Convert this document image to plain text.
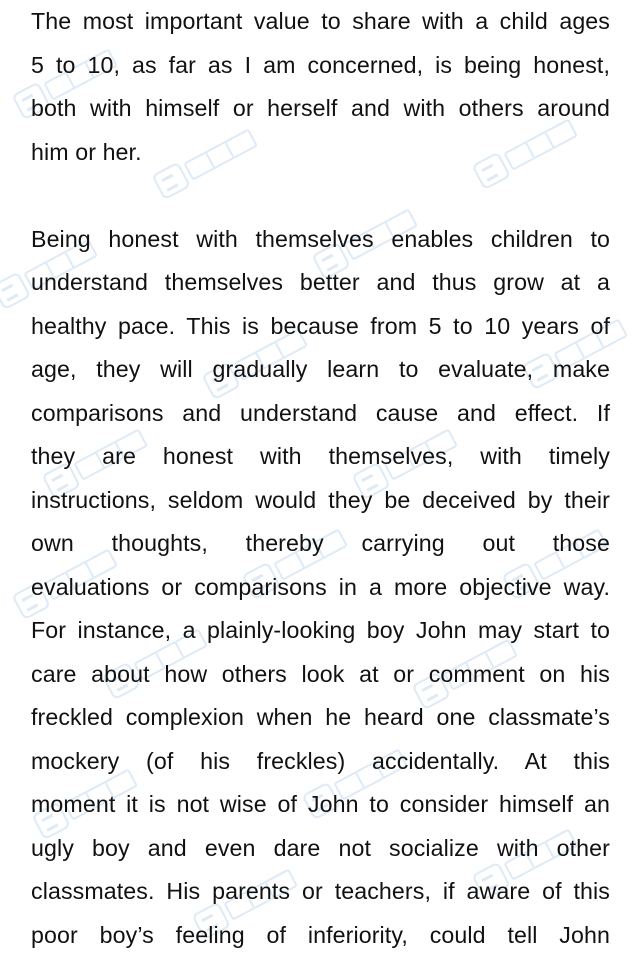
The most important value to share with a child ages
5 to 10, as far as I am concerned, is being honest,
both with himself or herself and with others around
him or her.
Being honest with themselves enables children to
understand themselves better and thus grow at a
healthy pace. This is because from 5 to 10 years of
age, they will gradually learn to evaluate, make
comparisons and understand cause and effect. If
they are honest with themselves, with timely
instructions, seldom would they be deceived by their
own thoughts, thereby carrying out those
evaluations or comparisons in a more objective way.
For instance, a plainly-looking boy John may start to
care about how others look at or comment on his
freckled complexion when he heard one classmate’s
mockery (of his freckles) accidentally. At this
moment it is not wise of John to consider himself an
ugly boy and even dare not socialize with other
classmates. His parents or teachers, if aware of this
poor boy’s feeling of inferiority, could tell John
